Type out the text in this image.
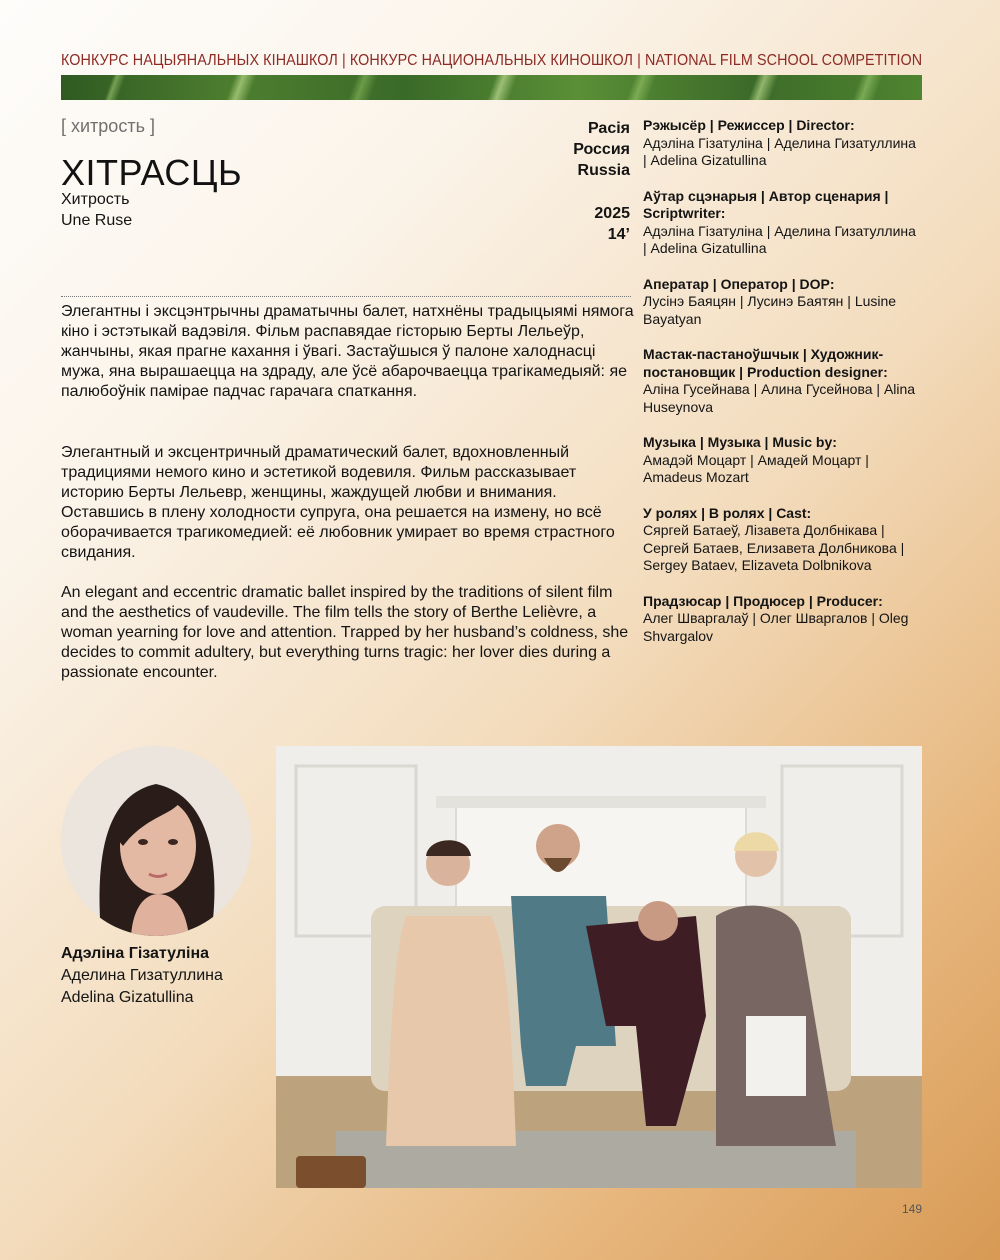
КОНКУРС НАЦЫЯНАЛЬНЫХ КІНАШКОЛ | КОНКУРС НАЦИОНАЛЬНЫХ КИНОШКОЛ | NATIONAL FILM SCHOOL COMPETITION
[ хитрость ]
ХІТРАСЦЬ
Хитрость
Une Ruse
Расія
Россия
Russia
2025
14’

Элегантны і эксцэнтрычны драматычны балет, натхнёны традыцыямі нямога кіно і эстэтыкай вадэвіля. Фільм распавядае гісторыю Берты Лельеўр, жанчыны, якая прагне кахання і ўвагі. Застаўшыся ў палоне халоднасці мужа, яна вырашаецца на здраду, але ўсё абарочваецца трагікамедыяй: яе палюбоўнік памірае падчас гарачага спаткання.

Элегантный и эксцентричный драматический балет, вдохновленный традициями немого кино и эстетикой водевиля. Фильм рассказывает историю Берты Лельевр, женщины, жаждущей любви и внимания. Оставшись в плену холодности супруга, она решается на измену, но всё оборачивается трагикомедией: её любовник умирает во время страстного свидания.

An elegant and eccentric dramatic ballet inspired by the traditions of silent film and the aesthetics of vaudeville. The film tells the story of Berthe Lelièvre, a woman yearning for love and attention. Trapped by her husband’s coldness, she decides to commit adultery, but everything turns tragic: her lover dies during a passionate encounter.

Рэжысёр | Режиссер | Director:
Адэліна Гізатуліна | Аделина Гизатуллина | Adelina Gizatullina
Аўтар сцэнарыя | Автор сценария | Scriptwriter:
Адэліна Гізатуліна | Аделина Гизатуллина | Adelina Gizatullina
Аператар | Оператор | DOP:
Лусінэ Баяцян | Лусинэ Баятян | Lusine Bayatyan
Мастак-пастаноўшчык | Художник-постановщик | Production designer:
Аліна Гусейнава | Алина Гусейнова | Alina Huseynova
Музыка | Музыка | Music by:
Амадэй Моцарт | Амадей Моцарт | Amadeus Mozart
У ролях | В ролях | Cast:
Сяргей Батаеў, Лізавета Долбнікава | Сергей Батаев, Елизавета Долбникова | Sergey Bataev, Elizaveta Dolbnikova
Прадзюсар | Продюсер | Producer:
Алег Шваргалаў | Олег Шваргалов | Oleg Shvargalov
Адэліна Гізатуліна
Аделина Гизатуллина
Adelina Gizatullina
149
